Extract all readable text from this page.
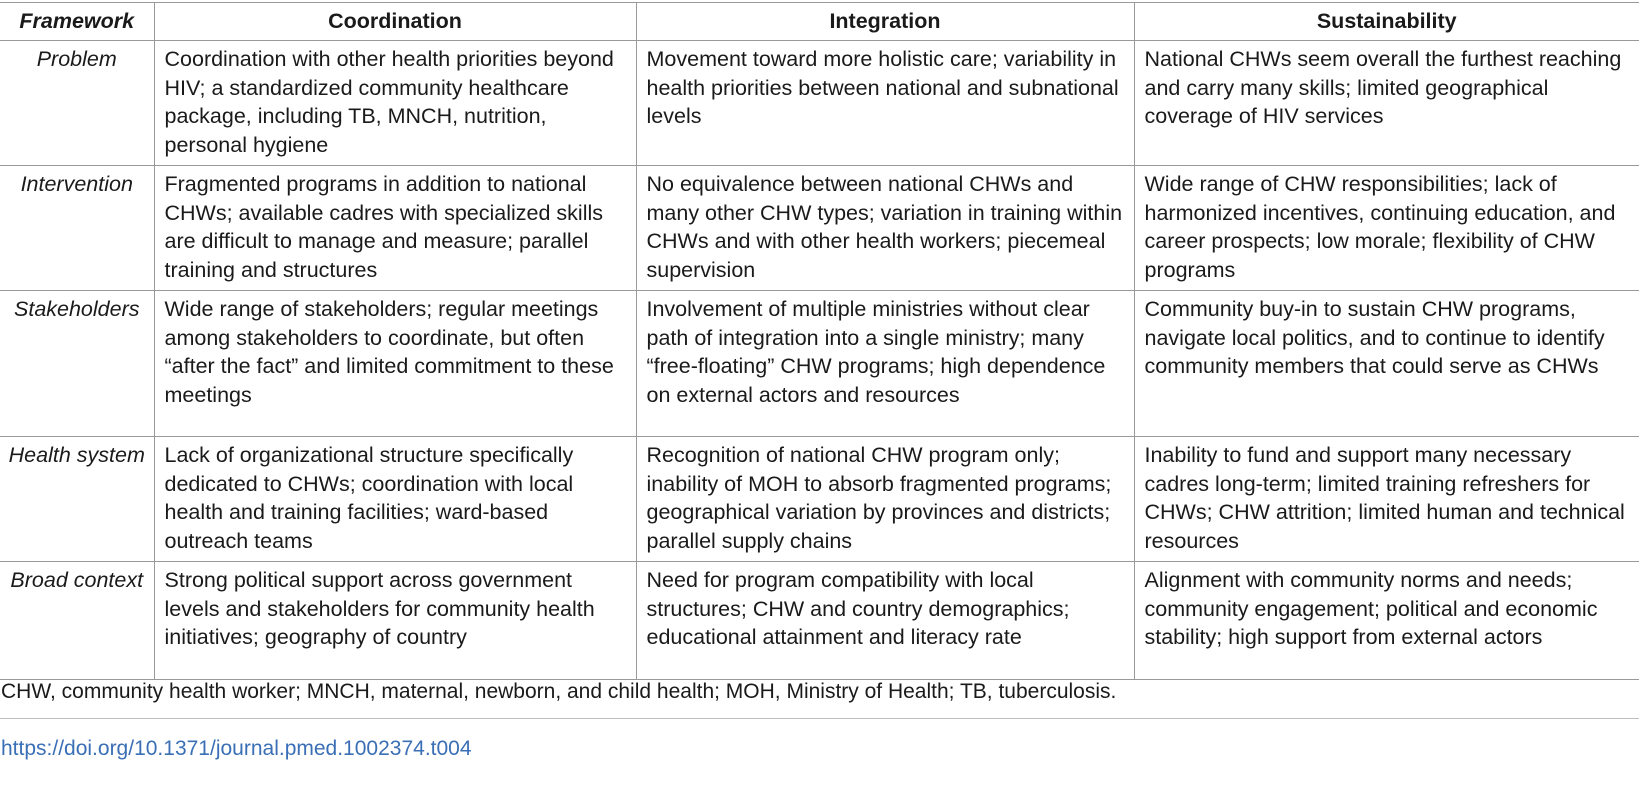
Framework	Coordination	Integration	Sustainability
Problem	Coordination with other health priorities beyond HIV; a standardized community healthcare package, including TB, MNCH, nutrition, personal hygiene	Movement toward more holistic care; variability in health priorities between national and subnational levels	National CHWs seem overall the furthest reaching and carry many skills; limited geographical coverage of HIV services
Intervention	Fragmented programs in addition to national CHWs; available cadres with specialized skills are difficult to manage and measure; parallel training and structures	No equivalence between national CHWs and many other CHW types; variation in training within CHWs and with other health workers; piecemeal supervision	Wide range of CHW responsibilities; lack of harmonized incentives, continuing education, and career prospects; low morale; flexibility of CHW programs
Stakeholders	Wide range of stakeholders; regular meetings among stakeholders to coordinate, but often “after the fact” and limited commitment to these meetings	Involvement of multiple ministries without clear path of integration into a single ministry; many “free-floating” CHW programs; high dependence on external actors and resources	Community buy-in to sustain CHW programs, navigate local politics, and to continue to identify community members that could serve as CHWs
Health system	Lack of organizational structure specifically dedicated to CHWs; coordination with local health and training facilities; ward-based outreach teams	Recognition of national CHW program only; inability of MOH to absorb fragmented programs; geographical variation by provinces and districts; parallel supply chains	Inability to fund and support many necessary cadres long-term; limited training refreshers for CHWs; CHW attrition; limited human and technical resources
Broad context	Strong political support across government levels and stakeholders for community health initiatives; geography of country	Need for program compatibility with local structures; CHW and country demographics; educational attainment and literacy rate	Alignment with community norms and needs; community engagement; political and economic stability; high support from external actors
CHW, community health worker; MNCH, maternal, newborn, and child health; MOH, Ministry of Health; TB, tuberculosis.
https://doi.org/10.1371/journal.pmed.1002374.t004
